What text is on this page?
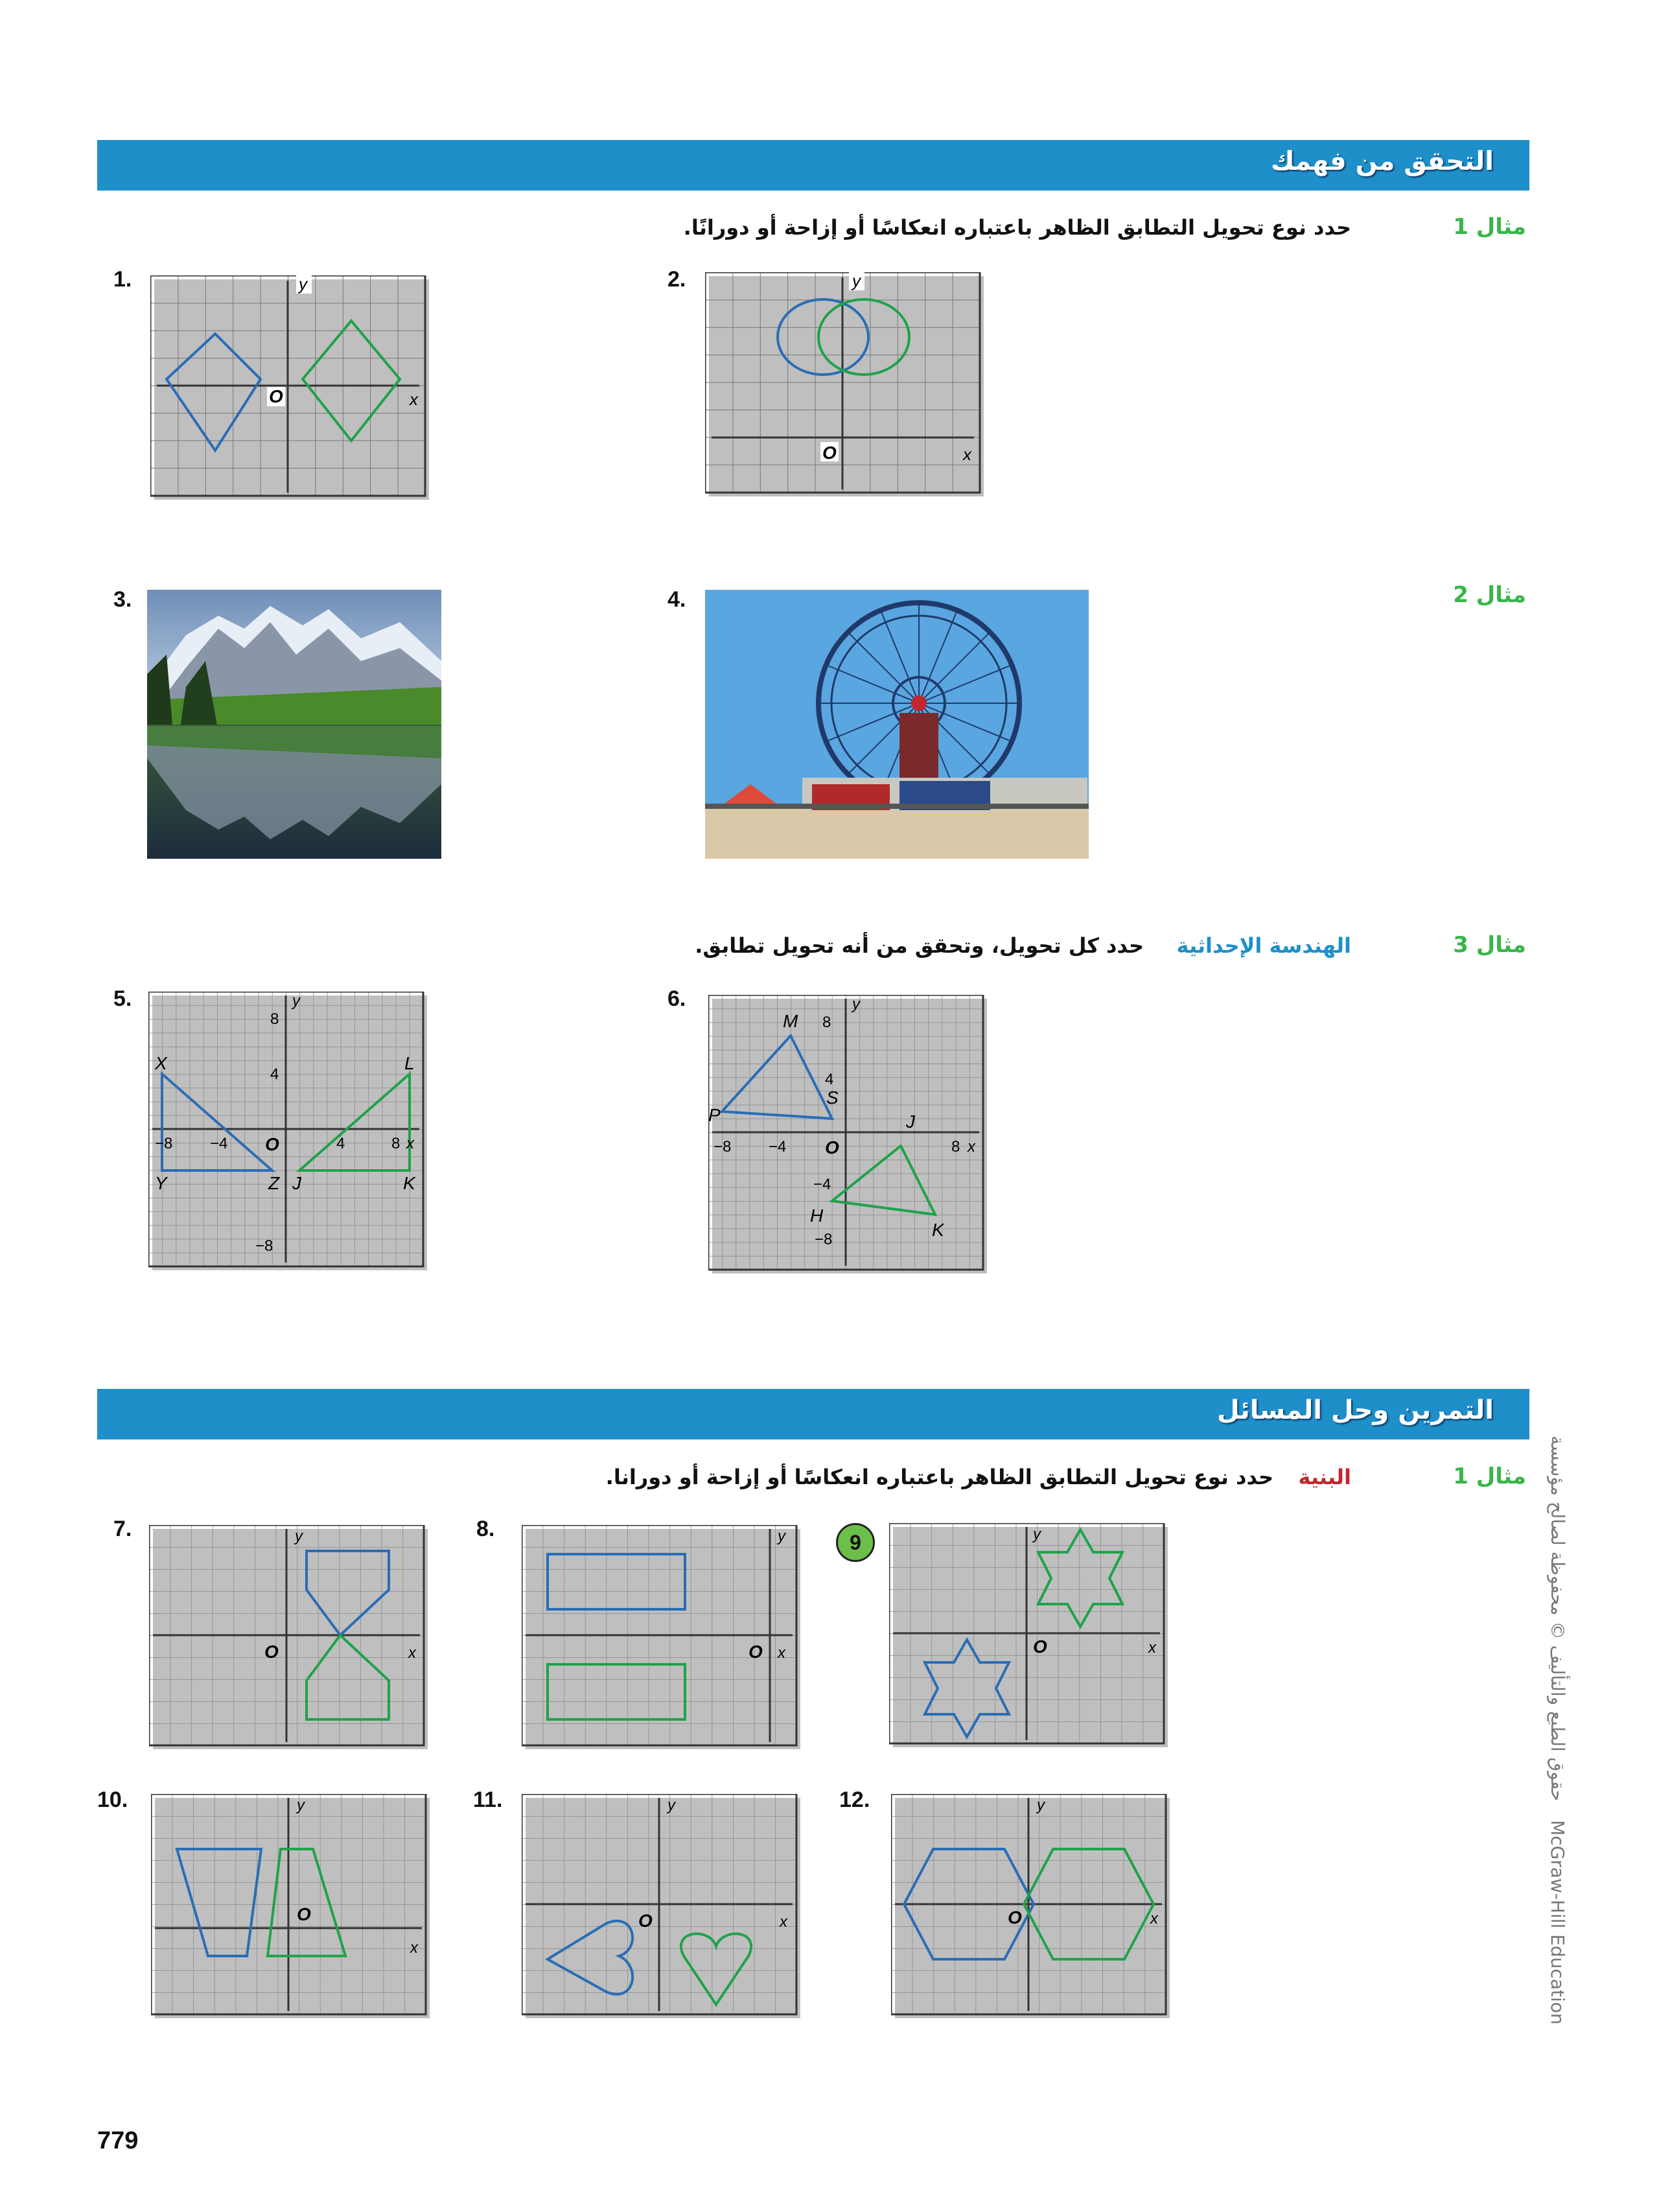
التحقق من فهمك
مثال 1
حدد نوع تحويل التطابق الظاهر باعتباره انعكاسًا أو إزاحة أو دورانًا.
1.	y
O	x
2.	y
O	x
مثال 2
3.	4.
مثال 3
الهندسة الإحداثية
حدد كل تحويل، وتحقق من أنه تحويل تطابق.
5.	y
8
4
−8 −4 O	4	8 x
−8
X
Y	Z
L
J	K
6.	y
M 8
4
S
P
−8 −4 O
J
8 x
−4
H
K
−8
التمرين وحل المسائل
مثال 1
البنية
حدد نوع تحويل التطابق الظاهر باعتباره انعكاسًا أو إزاحة أو دورانا.
7.	y
O	x
8.	y
O x
9	y
O	x
10.	y
O
x
11.	y
O	x
12.	y
O	x	McGraw-Hill Education حقوق الطبع والتأليف © محفوظة لصالح مؤسسة
779
